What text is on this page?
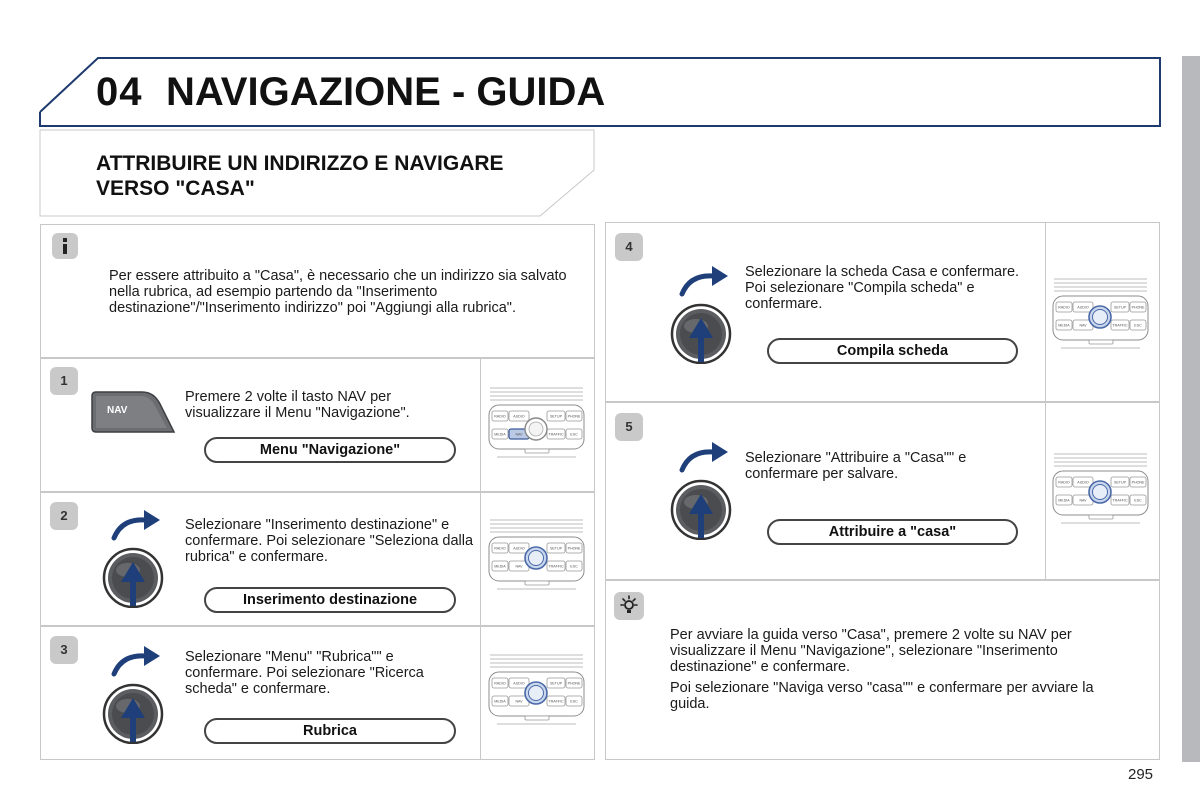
04 NAVIGAZIONE - GUIDA
ATTRIBUIRE UN INDIRIZZO E NAVIGARE VERSO "CASA"
Per essere attribuito a "Casa", è necessario che un indirizzo sia salvato nella rubrica, ad esempio partendo da "Inserimento destinazione"/"Inserimento indirizzo" poi "Aggiungi alla rubrica".
1
NAV
Premere 2 volte il tasto NAV per visualizzare il Menu "Navigazione".
Menu "Navigazione"
RADIO AUDIO	SETUP PHONE
MEDIA	NAV	TRAFFIC ESC
2
Selezionare "Inserimento destinazione" e confermare. Poi selezionare "Seleziona dalla rubrica" e confermare.
Inserimento destinazione
RADIO AUDIO	SETUP PHONE
MEDIA	NAV	TRAFFIC ESC
3	Selezionare "Menu" "Rubrica"" e confermare. Poi selezionare "Ricerca scheda" e confermare.
Rubrica
RADIO AUDIO	SETUP PHONE
MEDIA	NAV	TRAFFIC ESC
4
Selezionare la scheda Casa e confermare. Poi selezionare "Compila scheda" e confermare.
Compila scheda
RADIO AUDIO	SETUP PHONE
MEDIA	NAV	TRAFFIC ESC
5
Selezionare "Attribuire a "Casa"" e confermare per salvare.
Attribuire a "casa"
RADIO AUDIO	SETUP PHONE
MEDIA	NAV	TRAFFIC ESC
Per avviare la guida verso "Casa", premere 2 volte su NAV per visualizzare il Menu "Navigazione", selezionare "Inserimento destinazione" e confermare.
Poi selezionare "Naviga verso "casa"" e confermare per avviare la guida.
295
